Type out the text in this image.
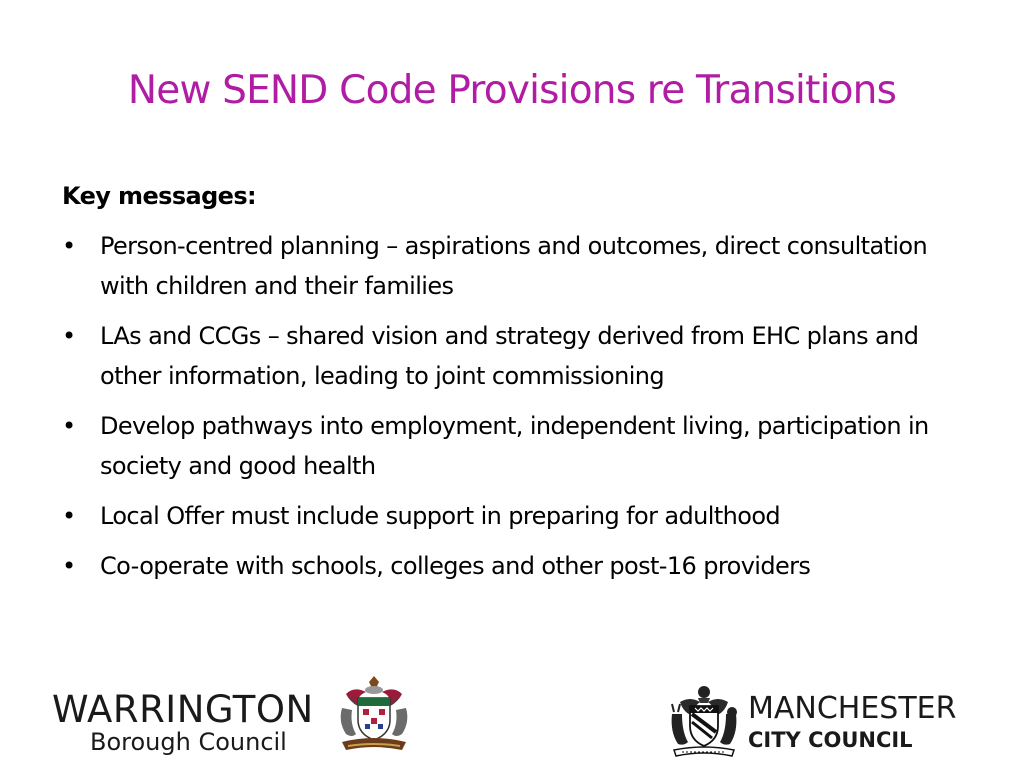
New SEND Code Provisions re Transitions
Key messages:
•	Person-centred planning – aspirations and outcomes, direct consultation with children and their families
•	LAs and CCGs – shared vision and strategy derived from EHC plans and other information, leading to joint commissioning
•	Develop pathways into employment, independent living, participation in society and good health
•	Local Offer must include support in preparing for adulthood
•	Co-operate with schools, colleges and other post-16 providers
WARRINGTON
Borough Council
MANCHESTER
CITY COUNCIL
